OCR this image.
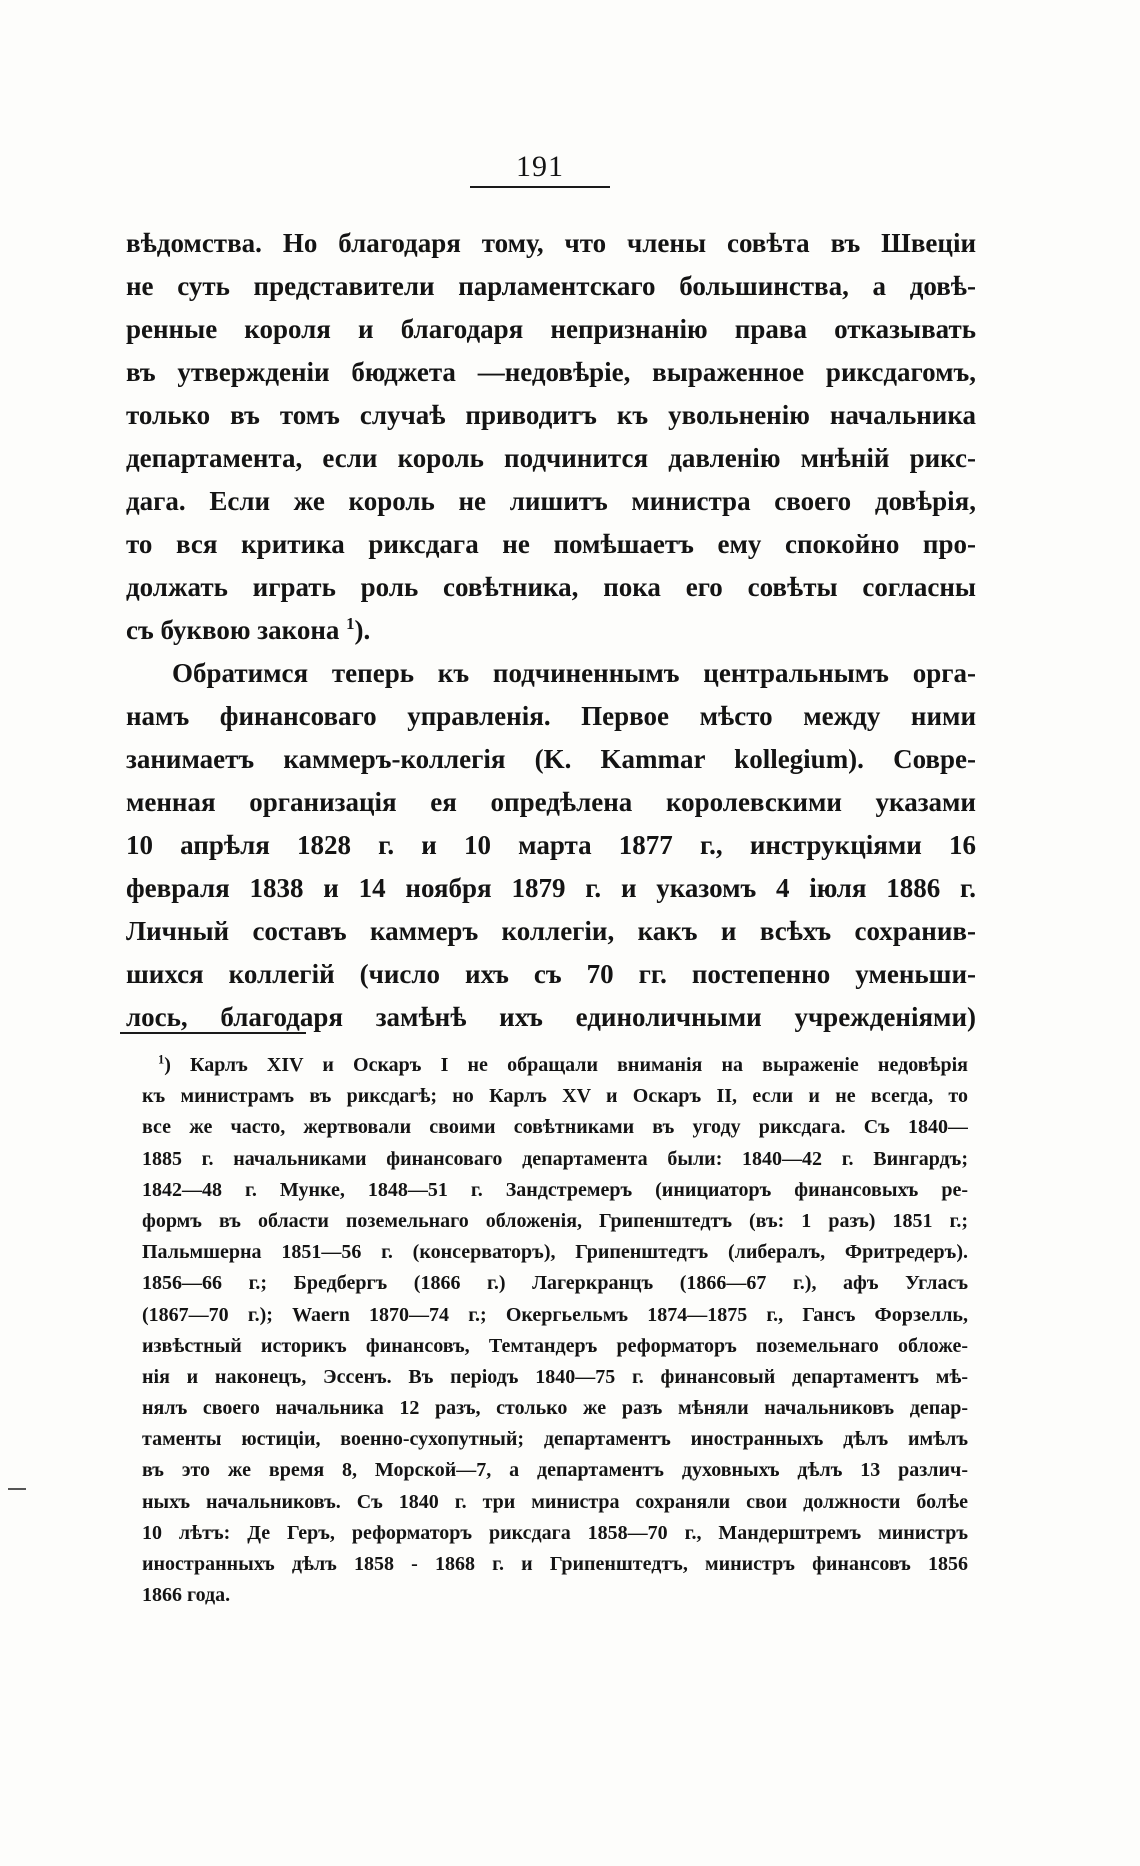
191
вѣдомства. Но благодаря тому, что члены совѣта въ Швеціи
не суть представители парламентскаго большинства, а довѣ-
ренные короля и благодаря непризнанію права отказывать
въ утвержденіи бюджета —недовѣріе, выраженное риксдагомъ,
только въ томъ случаѣ приводитъ къ увольненію начальника
департамента, если король подчинится давленію мнѣній рикс-
дага. Если же король не лишитъ министра своего довѣрія,
то вся критика риксдага не помѣшаетъ ему спокойно про-
должать играть роль совѣтника, пока его совѣты согласны
съ буквою закона $^1$).
Обратимся теперь къ подчиненнымъ центральнымъ орга-
намъ финансоваго управленія. Первое мѣсто между ними
занимаетъ каммеръ-коллегія (K. Kammar kollegium). Совре-
менная организація ея опредѣлена королевскими указами
10 апрѣля 1828 г. и 10 марта 1877 г., инструкціями 16
февраля 1838 и 14 ноября 1879 г. и указомъ 4 іюля 1886 г.
Личный составъ каммеръ коллегіи, какъ и всѣхъ сохранив-
шихся коллегій (число ихъ съ 70 гг. постепенно уменьши-
лось, благодаря замѣнѣ ихъ единоличными учрежденіями)
$^1$) Карлъ XIV и Оскаръ I не обращали вниманія на выраженіе недовѣрія
къ министрамъ въ риксдагѣ; но Карлъ XV и Оскаръ II, если и не всегда, то
все же часто, жертвовали своими совѣтниками въ угоду риксдага. Съ 1840—
1885 г. начальниками финансоваго департамента были: 1840—42 г. Вингардъ;
1842—48 г. Мунке, 1848—51 г. Зандстремеръ (инициаторъ финансовыхъ ре-
формъ въ области поземельнаго обложенія, Грипенштедтъ (въ: 1 разъ) 1851 г.;
Пальмшерна 1851—56 г. (консерваторъ), Грипенштедтъ (либералъ, Фритредеръ).
1856—66 г.; Бредбергъ (1866 г.) Лагеркранцъ (1866—67 г.), афъ Угласъ
(1867—70 г.); Waern 1870—74 г.; Окергьельмъ 1874—1875 г., Гансъ Форзелль,
извѣстный историкъ финансовъ, Темтандеръ реформаторъ поземельнаго обложе-
нія и наконецъ, Эссенъ. Въ періодъ 1840—75 г. финансовый департаментъ мѣ-
нялъ своего начальника 12 разъ, столько же разъ мѣняли начальниковъ депар-
таменты юстиціи, военно-сухопутный; департаментъ иностранныхъ дѣлъ имѣлъ
въ это же время 8, Морской—7, а департаментъ духовныхъ дѣлъ 13 различ-
ныхъ начальниковъ. Съ 1840 г. три министра сохраняли свои должности болѣе
10 лѣтъ: Де Геръ, реформаторъ риксдага 1858—70 г., Мандерштремъ министръ
иностранныхъ дѣлъ 1858 - 1868 г. и Грипенштедтъ, министръ финансовъ 1856
1866 года.
